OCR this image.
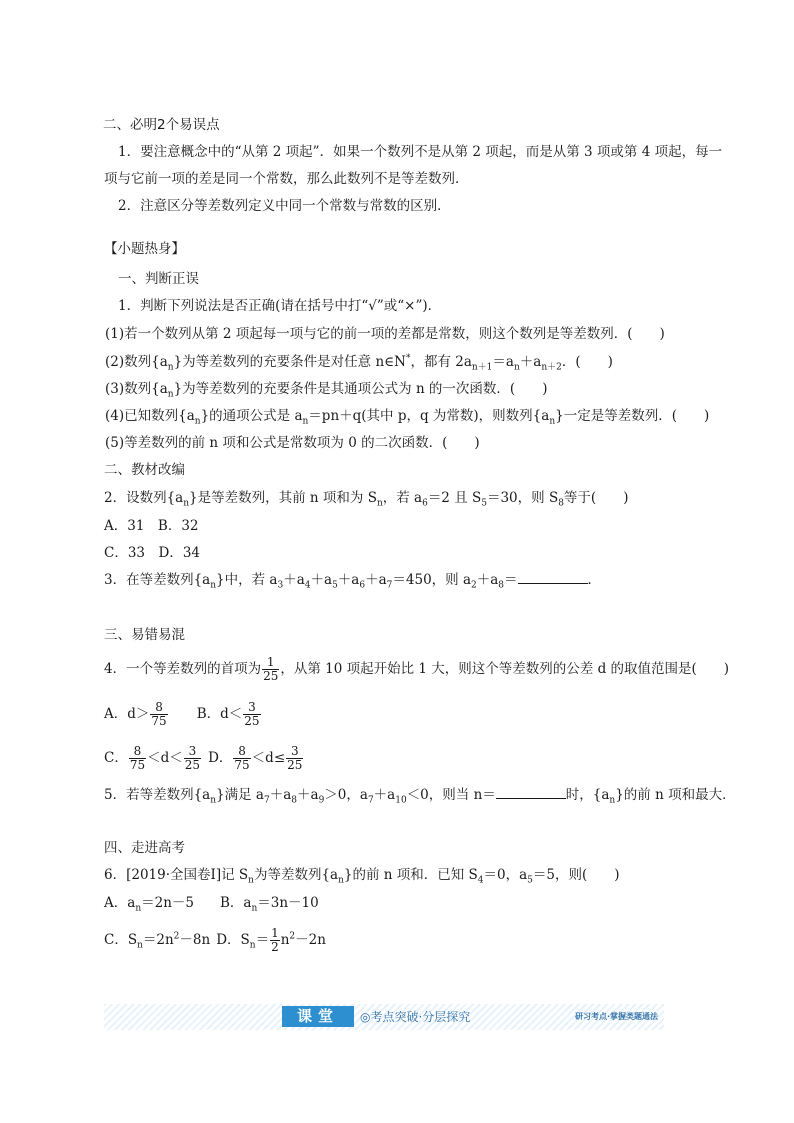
二、必明2个易误点
1．要注意概念中的“从第 2 项起”．如果一个数列不是从第 2 项起，而是从第 3 项或第 4 项起，每一
项与它前一项的差是同一个常数，那么此数列不是等差数列．
2．注意区分等差数列定义中同一个常数与常数的区别．
【小题热身】
一、判断正误
1．判断下列说法是否正确(请在括号中打“√”或“×”)．
(1)若一个数列从第 2 项起每一项与它的前一项的差都是常数，则这个数列是等差数列．(　　)
(2)数列$\{a_n\}$为等差数列的充要条件是对任意 n∈N*，都有 $2a_{n+1}=a_n+a_{n+2}$．(　　)
(3)数列$\{a_n\}$为等差数列的充要条件是其通项公式为 n 的一次函数．(　　)
(4)已知数列$\{a_n\}$的通项公式是 $a_n=pn+q$(其中 p，q 为常数)，则数列$\{a_n\}$一定是等差数列．(　　)
(5)等差数列的前 n 项和公式是常数项为 0 的二次函数．(　　)
二、教材改编
2．设数列$\{a_n\}$是等差数列，其前 n 项和为 $S_n$，若 $a_6=2$ 且 $S_5=30$，则 $S_8$等于(　　)
A．31　B．32
C．33　D．34
3．在等差数列$\{a_n\}$中，若 $a_3+a_4+a_5+a_6+a_7=450$，则 $a_2+a_8=$	．
三、易错易混
4．一个等差数列的首项为 $\frac{1}{25}$ ，从第 10 项起开始比 1 大，则这个等差数列的公差 d 的取值范围是(　　)
A．$d> \frac{8}{75}$ B．$d< \frac{3}{25}$
C． $\frac{8}{75} <d< \frac{3}{25}$ D． $\frac{8}{75} <d\le \frac{3}{25}$
5．若等差数列$\{a_n\}$满足 $a_7+a_8+a_9>0$，$a_7+a_{10}<0$，则当 n＝	时，$\{a_n\}$的前 n 项和最大．
四、走进高考
6．[2019·全国卷Ⅰ]记 $S_n$为等差数列$\{a_n\}$的前 n 项和．已知 $S_4=0$，$a_5=5$，则(　　)
A．$a_n=2n-5$ B．$a_n=3n-10$
C．$S_n=2n^2-8n$ D．$S_n= \frac{1}{2} n^2-2n$
课堂	◎考点突破·分层探究	研习考点·掌握类题通法
